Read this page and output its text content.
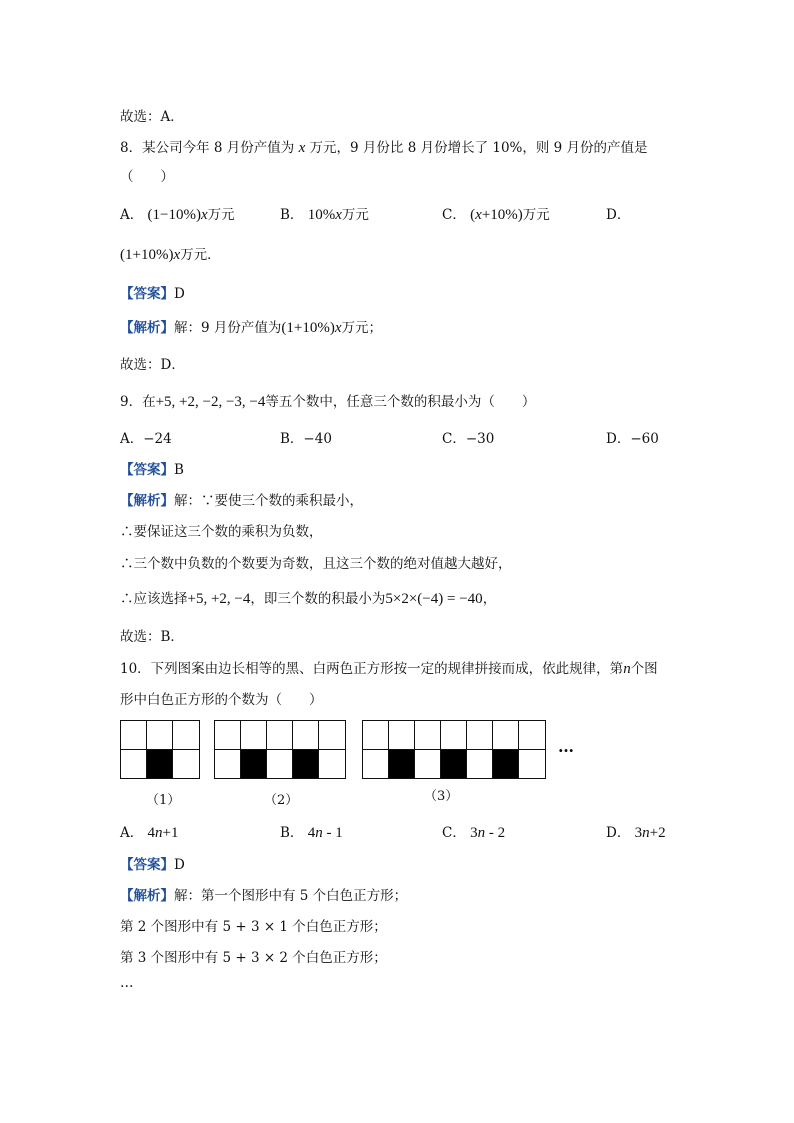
故选：A．
8．某公司今年 8 月份产值为 x 万元，9 月份比 8 月份增长了 10%，则 9 月份的产值是
（　　）
A． (1−10%)x万元	B． 10%x万元	C． (x+10%)万元	D．
(1+10%)x万元．
【答案】D
【解析】解：9 月份产值为(1+10%)x万元；
故选：D．
9．在+5, +2, −2, −3, −4等五个数中，任意三个数的积最小为（　　）
A．−24	B．−40	C．−30	D．−60
【答案】B
【解析】解：∵要使三个数的乘积最小，
∴要保证这三个数的乘积为负数，
∴三个数中负数的个数要为奇数，且这三个数的绝对值越大越好，
∴应该选择+5, +2, −4，即三个数的积最小为5×2×(−4) = −40，
故选：B．
10．下列图案由边长相等的黑、白两色正方形按一定的规律拼接而成，依此规律，第n个图
形中白色正方形的个数为（　　）
（1）	（2）	（3）
…
A． 4n+1	B． 4n - 1	C． 3n - 2	D． 3n+2
【答案】D
【解析】解：第一个图形中有 5 个白色正方形；
第 2 个图形中有 5 + 3 × 1 个白色正方形；
第 3 个图形中有 5 + 3 × 2 个白色正方形；
…
